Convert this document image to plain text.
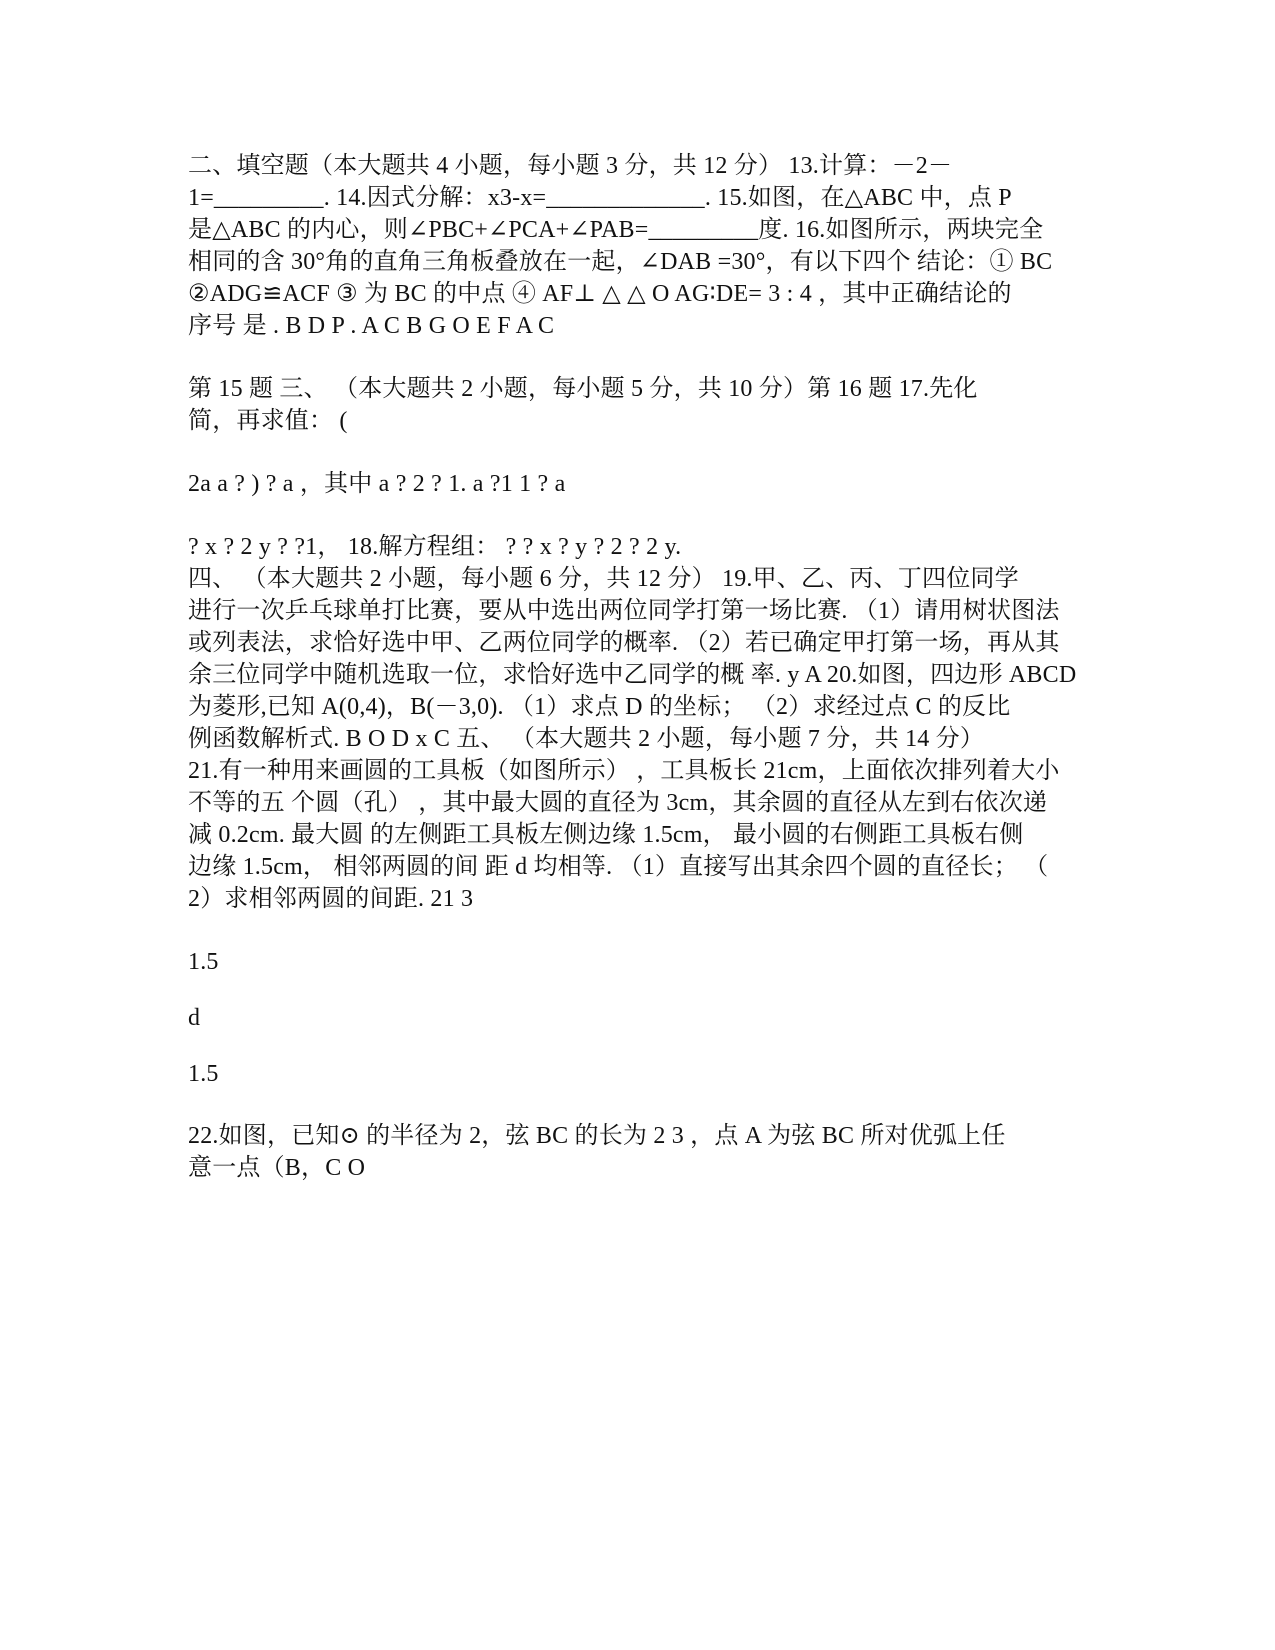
二、填空题（本大题共 4 小题，每小题 3 分，共 12 分） 13.计算：－2－
1=_________. 14.因式分解：x3-x=_____________. 15.如图，在△ABC 中，点 P
是△ABC 的内心，则∠PBC+∠PCA+∠PAB=_________度. 16.如图所示，两块完全
相同的含 30°角的直角三角板叠放在一起，∠DAB =30°，有以下四个 结论：① BC
②ADG≌ACF ③ 为 BC 的中点 ④ AF⊥ △ △ O AG∶DE= 3 : 4 ，其中正确结论的
序号 是 . B D P . A C B G O E F A C
第 15 题 三、 （本大题共 2 小题，每小题 5 分，共 10 分）第 16 题 17.先化
简，再求值： (
2a a ? ) ? a ，其中 a ? 2 ? 1. a ?1 1 ? a
? x ? 2 y ? ?1， 18.解方程组： ? ? x ? y ? 2 ? 2 y.
四、 （本大题共 2 小题，每小题 6 分，共 12 分） 19.甲、乙、丙、丁四位同学
进行一次乒乓球单打比赛，要从中选出两位同学打第一场比赛. （1）请用树状图法
或列表法，求恰好选中甲、乙两位同学的概率. （2）若已确定甲打第一场，再从其
余三位同学中随机选取一位，求恰好选中乙同学的概 率. y A 20.如图，四边形 ABCD
为菱形,已知 A(0,4)，B(－3,0). （1）求点 D 的坐标； （2）求经过点 C 的反比
例函数解析式. B O D x C 五、 （本大题共 2 小题，每小题 7 分，共 14 分）
21.有一种用来画圆的工具板（如图所示） ，工具板长 21cm，上面依次排列着大小
不等的五 个圆（孔） ，其中最大圆的直径为 3cm，其余圆的直径从左到右依次递
减 0.2cm. 最大圆 的左侧距工具板左侧边缘 1.5cm， 最小圆的右侧距工具板右侧
边缘 1.5cm， 相邻两圆的间 距 d 均相等. （1）直接写出其余四个圆的直径长； （
2）求相邻两圆的间距. 21 3
1.5
d
1.5
22.如图，已知⊙ 的半径为 2，弦 BC 的长为 2 3 ，点 A 为弦 BC 所对优弧上任
意一点（B，C O
